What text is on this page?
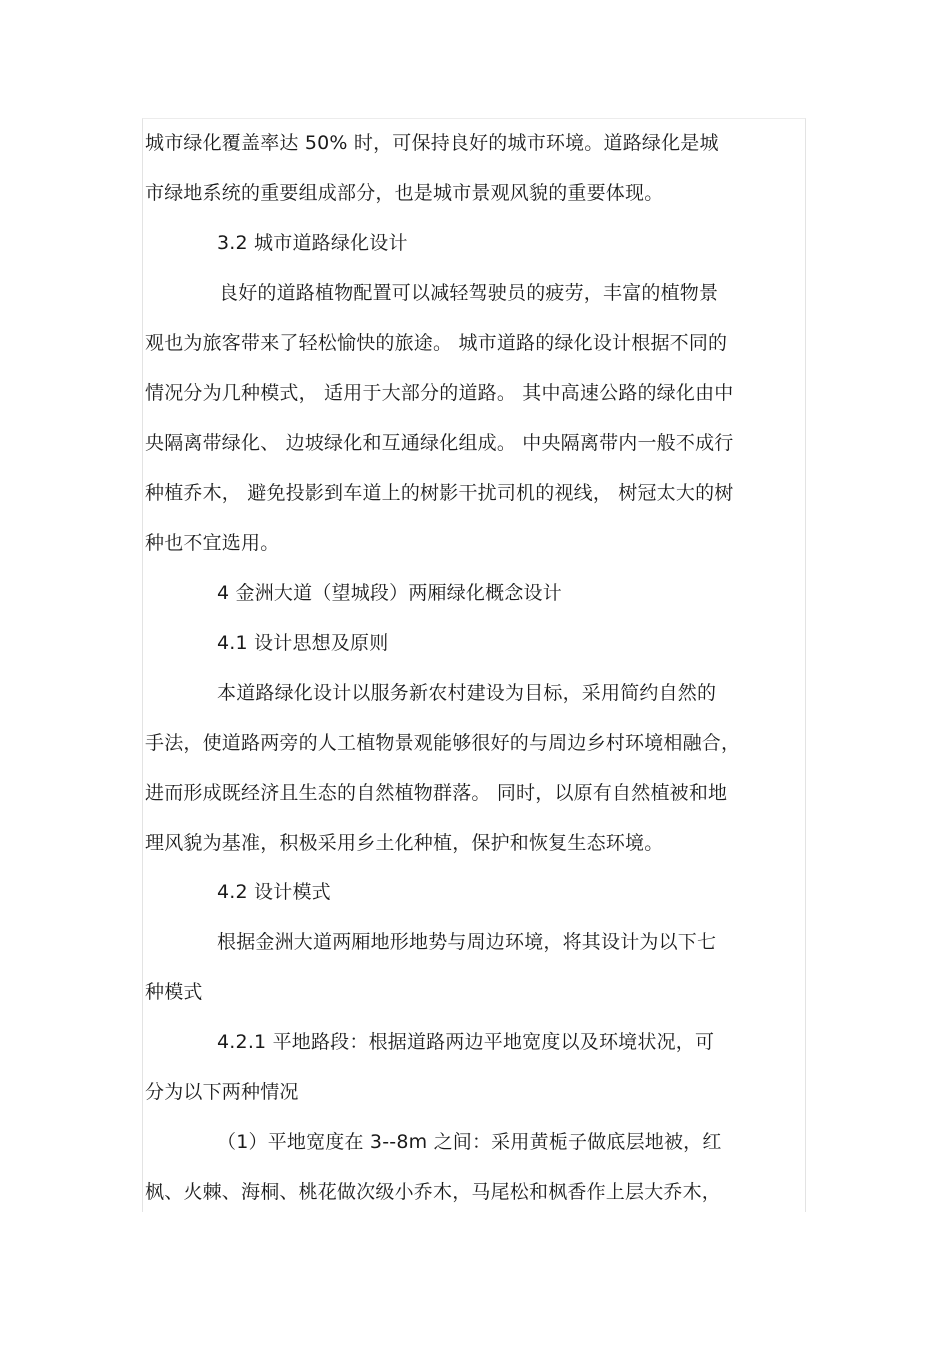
城市绿化覆盖率达 50% 时，可保持良好的城市环境。道路绿化是城
市绿地系统的重要组成部分，也是城市景观风貌的重要体现。
3.2 城市道路绿化设计
良好的道路植物配置可以减轻驾驶员的疲劳，丰富的植物景
观也为旅客带来了轻松愉快的旅途。 城市道路的绿化设计根据不同的
情况分为几种模式， 适用于大部分的道路。 其中高速公路的绿化由中
央隔离带绿化、 边坡绿化和互通绿化组成。 中央隔离带内一般不成行
种植乔木， 避免投影到车道上的树影干扰司机的视线， 树冠太大的树
种也不宜选用。
4 金洲大道（望城段）两厢绿化概念设计
4.1 设计思想及原则
本道路绿化设计以服务新农村建设为目标，采用简约自然的
手法，使道路两旁的人工植物景观能够很好的与周边乡村环境相融合，
进而形成既经济且生态的自然植物群落。 同时，以原有自然植被和地
理风貌为基准，积极采用乡土化种植，保护和恢复生态环境。
4.2 设计模式
根据金洲大道两厢地形地势与周边环境，将其设计为以下七
种模式
4.2.1 平地路段：根据道路两边平地宽度以及环境状况，可
分为以下两种情况
（1）平地宽度在 3--8m 之间：采用黄栀子做底层地被，红
枫、火棘、海桐、桃花做次级小乔木，马尾松和枫香作上层大乔木，
